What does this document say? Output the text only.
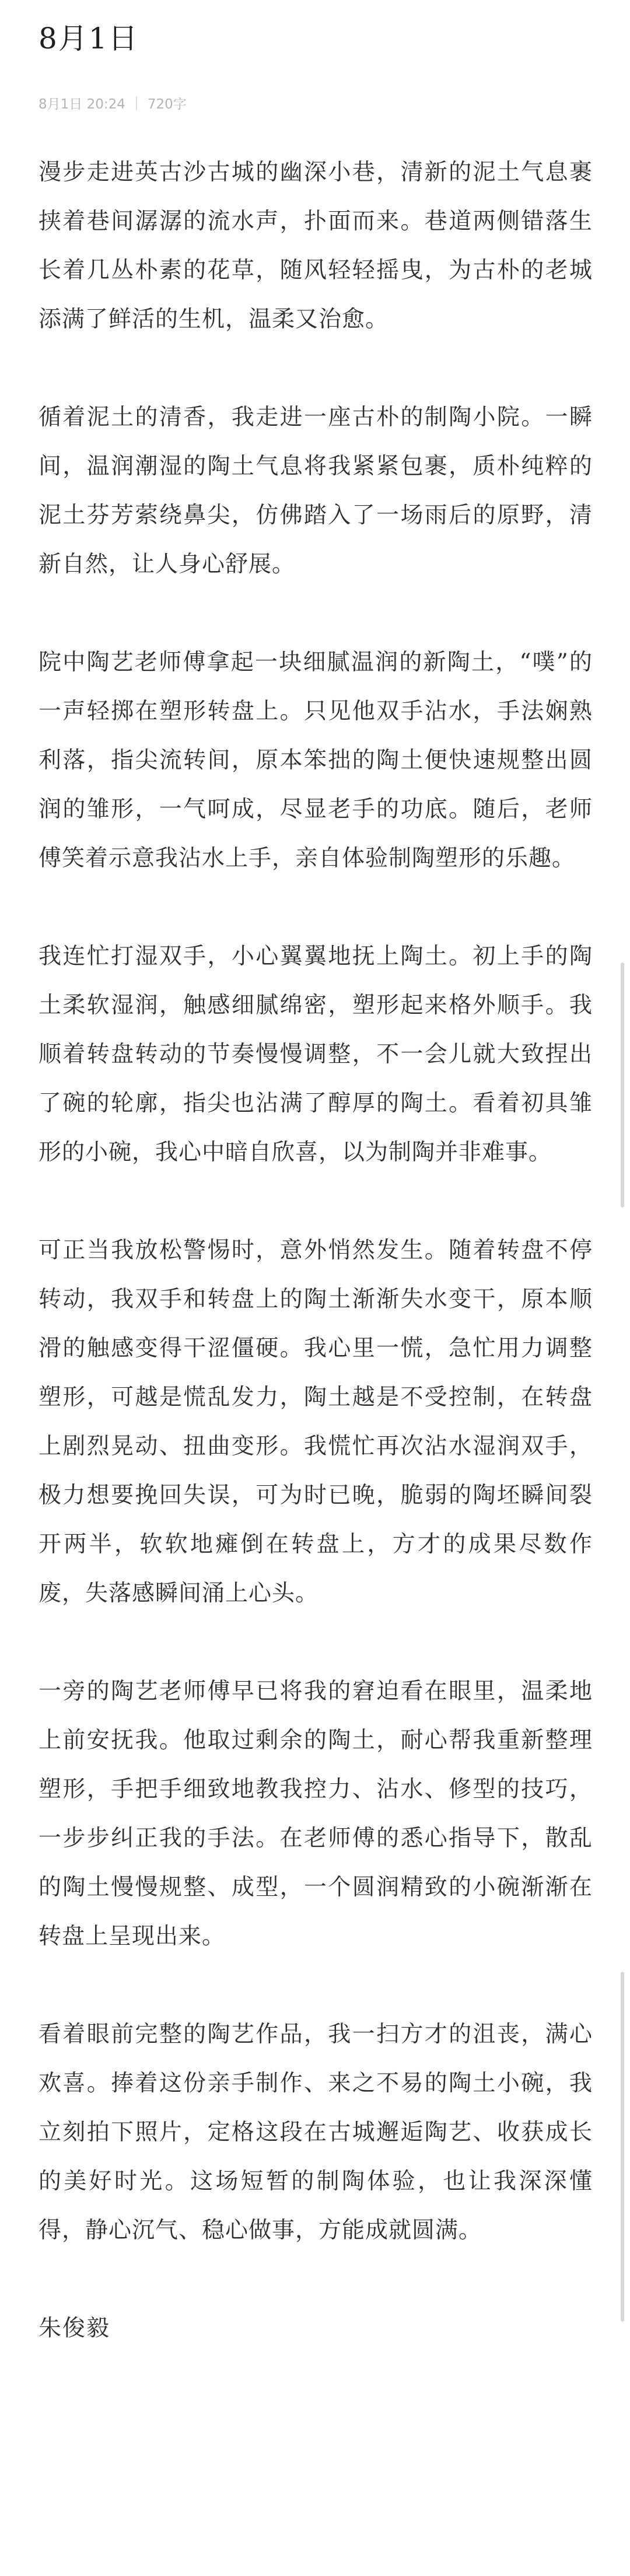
8月1日
8月1日 20:24 720字

漫步走进英古沙古城的幽深小巷，清新的泥土气息裹挟着巷间潺潺的流水声，扑面而来。巷道两侧错落生长着几丛朴素的花草，随风轻轻摇曳，为古朴的老城添满了鲜活的生机，温柔又治愈。

循着泥土的清香，我走进一座古朴的制陶小院。一瞬间，温润潮湿的陶土气息将我紧紧包裹，质朴纯粹的泥土芬芳萦绕鼻尖，仿佛踏入了一场雨后的原野，清新自然，让人身心舒展。

院中陶艺老师傅拿起一块细腻温润的新陶土，“噗”的一声轻掷在塑形转盘上。只见他双手沾水，手法娴熟利落，指尖流转间，原本笨拙的陶土便快速规整出圆润的雏形，一气呵成，尽显老手的功底。随后，老师傅笑着示意我沾水上手，亲自体验制陶塑形的乐趣。

我连忙打湿双手，小心翼翼地抚上陶土。初上手的陶土柔软湿润，触感细腻绵密，塑形起来格外顺手。我顺着转盘转动的节奏慢慢调整，不一会儿就大致捏出了碗的轮廓，指尖也沾满了醇厚的陶土。看着初具雏形的小碗，我心中暗自欣喜，以为制陶并非难事。

可正当我放松警惕时，意外悄然发生。随着转盘不停转动，我双手和转盘上的陶土渐渐失水变干，原本顺滑的触感变得干涩僵硬。我心里一慌，急忙用力调整塑形，可越是慌乱发力，陶土越是不受控制，在转盘上剧烈晃动、扭曲变形。我慌忙再次沾水湿润双手，极力想要挽回失误，可为时已晚，脆弱的陶坯瞬间裂开两半，软软地瘫倒在转盘上，方才的成果尽数作废，失落感瞬间涌上心头。

一旁的陶艺老师傅早已将我的窘迫看在眼里，温柔地上前安抚我。他取过剩余的陶土，耐心帮我重新整理塑形，手把手细致地教我控力、沾水、修型的技巧，一步步纠正我的手法。在老师傅的悉心指导下，散乱的陶土慢慢规整、成型，一个圆润精致的小碗渐渐在转盘上呈现出来。

看着眼前完整的陶艺作品，我一扫方才的沮丧，满心欢喜。捧着这份亲手制作、来之不易的陶土小碗，我立刻拍下照片，定格这段在古城邂逅陶艺、收获成长的美好时光。这场短暂的制陶体验，也让我深深懂得，静心沉气、稳心做事，方能成就圆满。

朱俊毅
